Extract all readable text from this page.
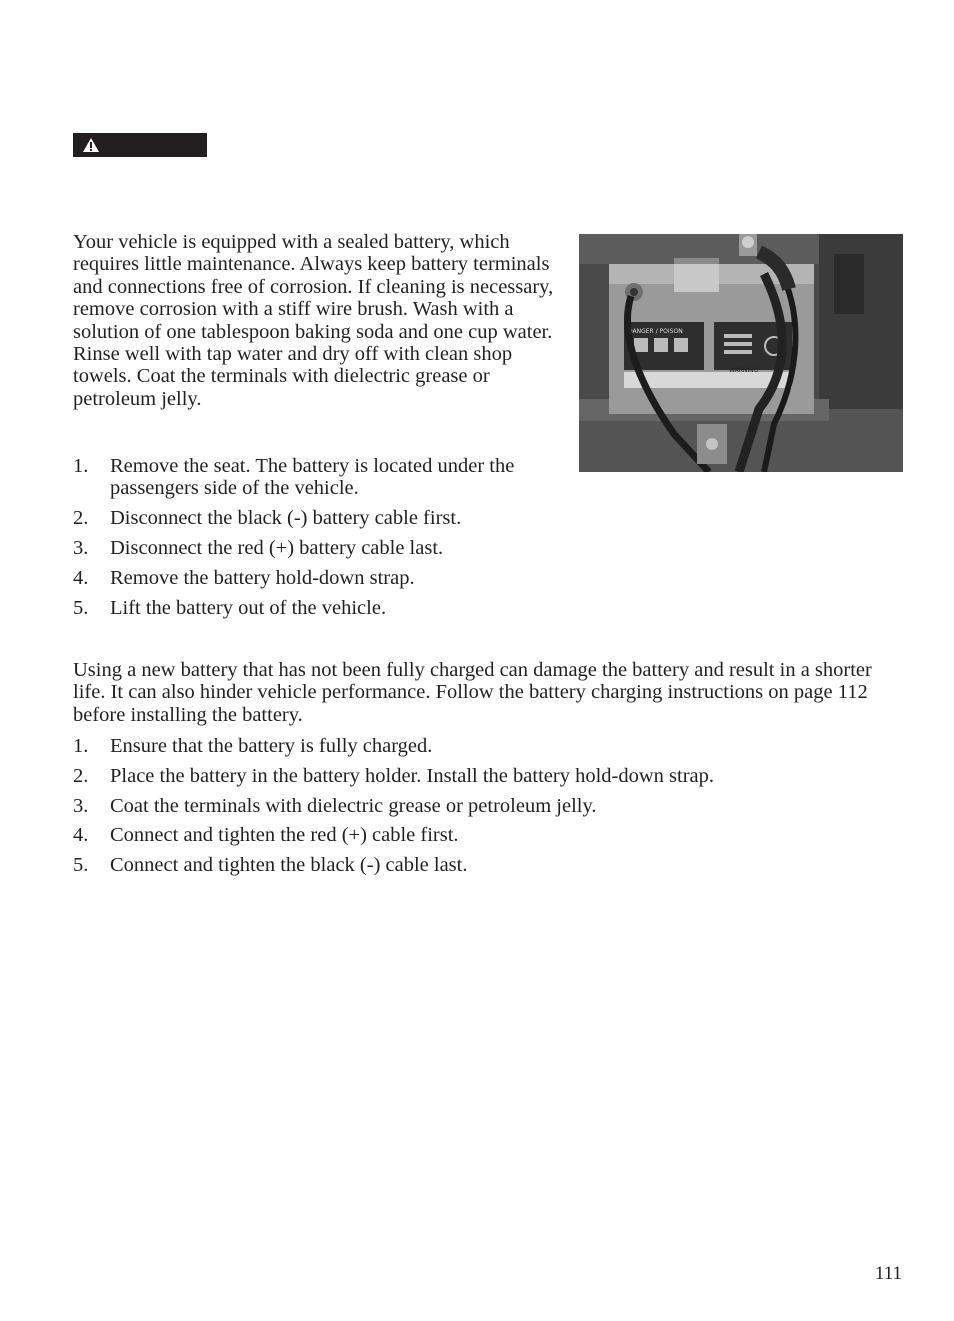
Your vehicle is equipped with a sealed battery, which requires little maintenance. Always keep battery terminals and connections free of corrosion. If cleaning is necessary, remove corrosion with a stiff wire brush. Wash with a solution of one tablespoon baking soda and one cup water. Rinse well with tap water and dry off with clean shop towels. Coat the terminals with dielectric grease or petroleum jelly.

DANGER / POISON
WARNING
1. Remove the seat. The battery is located under the passengers side of the vehicle.
2. Disconnect the black (-) battery cable first.
3. Disconnect the red (+) battery cable last.
4. Remove the battery hold-down strap.
5. Lift the battery out of the vehicle.

Using a new battery that has not been fully charged can damage the battery and result in a shorter life. It can also hinder vehicle performance. Follow the battery charging instructions on page 112 before installing the battery.

1. Ensure that the battery is fully charged.
2. Place the battery in the battery holder. Install the battery hold-down strap.
3. Coat the terminals with dielectric grease or petroleum jelly.
4. Connect and tighten the red (+) cable first.
5. Connect and tighten the black (-) cable last.
111
